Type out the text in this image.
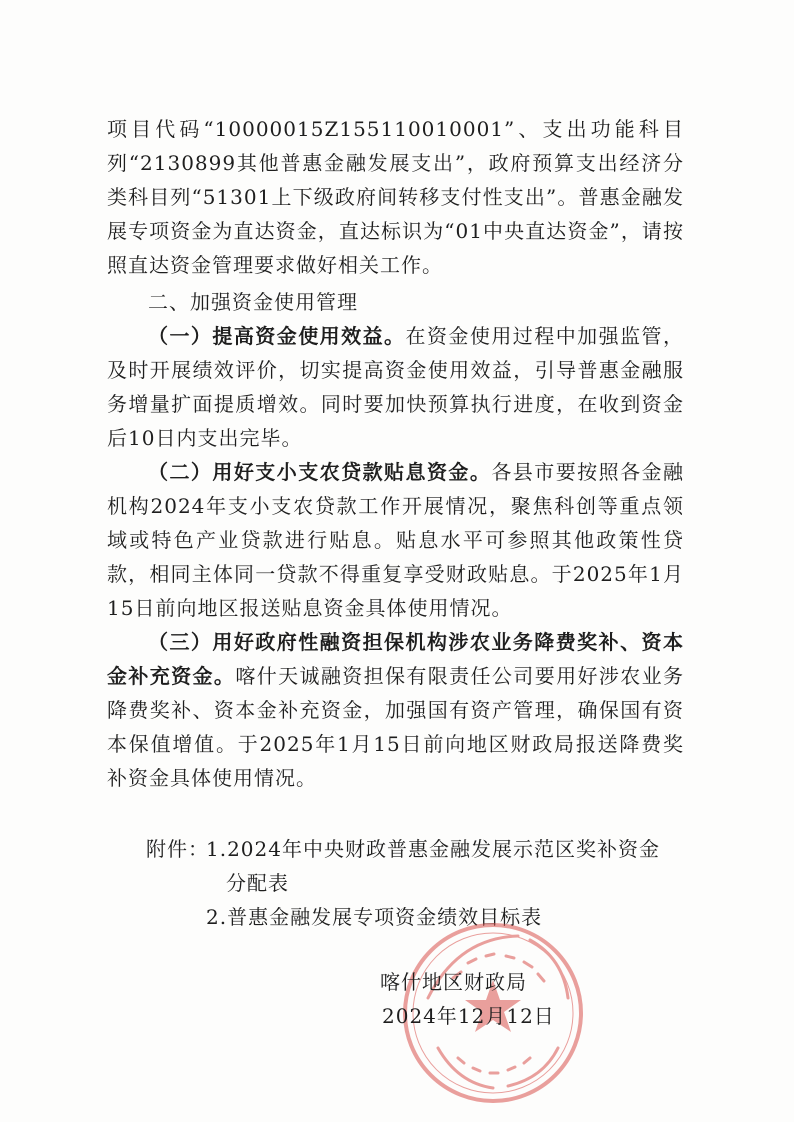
项目代码“10000015Z155110010001”、支出功能科目列“2130899其他普惠金融发展支出”，政府预算支出经济分类科目列“51301上下级政府间转移支付性支出”。普惠金融发展专项资金为直达资金，直达标识为“01中央直达资金”，请按照直达资金管理要求做好相关工作。

二、加强资金使用管理

（一）提高资金使用效益。在资金使用过程中加强监管，及时开展绩效评价，切实提高资金使用效益，引导普惠金融服务增量扩面提质增效。同时要加快预算执行进度，在收到资金后10日内支出完毕。

（二）用好支小支农贷款贴息资金。各县市要按照各金融机构2024年支小支农贷款工作开展情况，聚焦科创等重点领域或特色产业贷款进行贴息。贴息水平可参照其他政策性贷款，相同主体同一贷款不得重复享受财政贴息。于2025年1月15日前向地区报送贴息资金具体使用情况。

（三）用好政府性融资担保机构涉农业务降费奖补、资本金补充资金。喀什天诚融资担保有限责任公司要用好涉农业务降费奖补、资本金补充资金，加强国有资产管理，确保国有资本保值增值。于2025年1月15日前向地区财政局报送降费奖补资金具体使用情况。

附件：

1.2024年中央财政普惠金融发展示范区奖补资金

分配表

2.普惠金融发展专项资金绩效目标表

喀什地区财政局

2024年12月12日
